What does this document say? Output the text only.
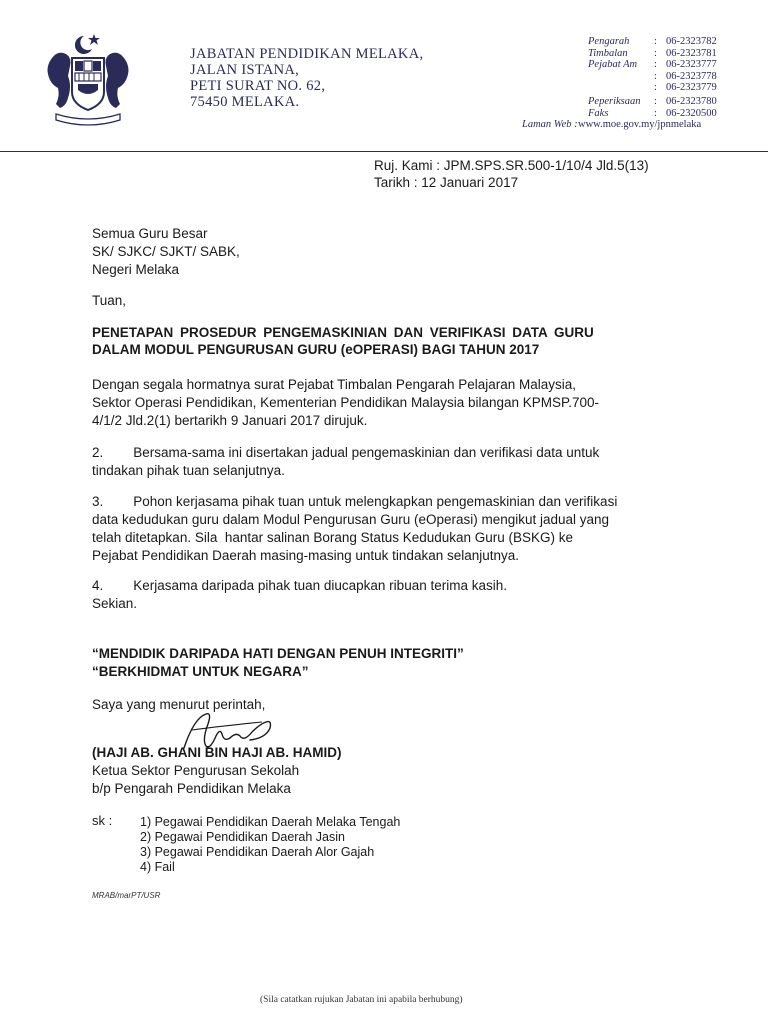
JABATAN PENDIDIKAN MELAKA,
JALAN ISTANA,
PETI SURAT NO. 62,
75450 MELAKA.
Pengarah : 06-2323782
Timbalan	: 06-2323781
Pejabat Am : 06-2323777
: 06-2323778
: 06-2323779
Peperiksaan : 06-2323780
Faks	: 06-2320500
Laman Web : www.moe.gov.my/jpnmelaka
Ruj. Kami : JPM.SPS.SR.500-1/10/4 Jld.5(13)
Tarikh : 12 Januari 2017
Semua Guru Besar
SK/ SJKC/ SJKT/ SABK,
Negeri Melaka
Tuan,
PENETAPAN PROSEDUR PENGEMASKINIAN DAN VERIFIKASI DATA GURU
DALAM MODUL PENGURUSAN GURU (eOPERASI) BAGI TAHUN 2017
Dengan segala hormatnya surat Pejabat Timbalan Pengarah Pelajaran Malaysia,
Sektor Operasi Pendidikan, Kementerian Pendidikan Malaysia bilangan KPMSP.700-
4/1/2 Jld.2(1) bertarikh 9 Januari 2017 dirujuk.
2.        Bersama-sama ini disertakan jadual pengemaskinian dan verifikasi data untuk
tindakan pihak tuan selanjutnya.
3.        Pohon kerjasama pihak tuan untuk melengkapkan pengemaskinian dan verifikasi
data kedudukan guru dalam Modul Pengurusan Guru (eOperasi) mengikut jadual yang
telah ditetapkan. Sila  hantar salinan Borang Status Kedudukan Guru (BSKG) ke
Pejabat Pendidikan Daerah masing-masing untuk tindakan selanjutnya.
4.        Kerjasama daripada pihak tuan diucapkan ribuan terima kasih.
Sekian.
“MENDIDIK DARIPADA HATI DENGAN PENUH INTEGRITI”
“BERKHIDMAT UNTUK NEGARA”
Saya yang menurut perintah,
(HAJI AB. GHANI BIN HAJI AB. HAMID)
Ketua Sektor Pengurusan Sekolah
b/p Pengarah Pendidikan Melaka
sk : 1) Pegawai Pendidikan Daerah Melaka Tengah
2) Pegawai Pendidikan Daerah Jasin
3) Pegawai Pendidikan Daerah Alor Gajah
4) Fail
MRAB/marPT/USR
(Sila catatkan rujukan Jabatan ini apabila berhubung)
